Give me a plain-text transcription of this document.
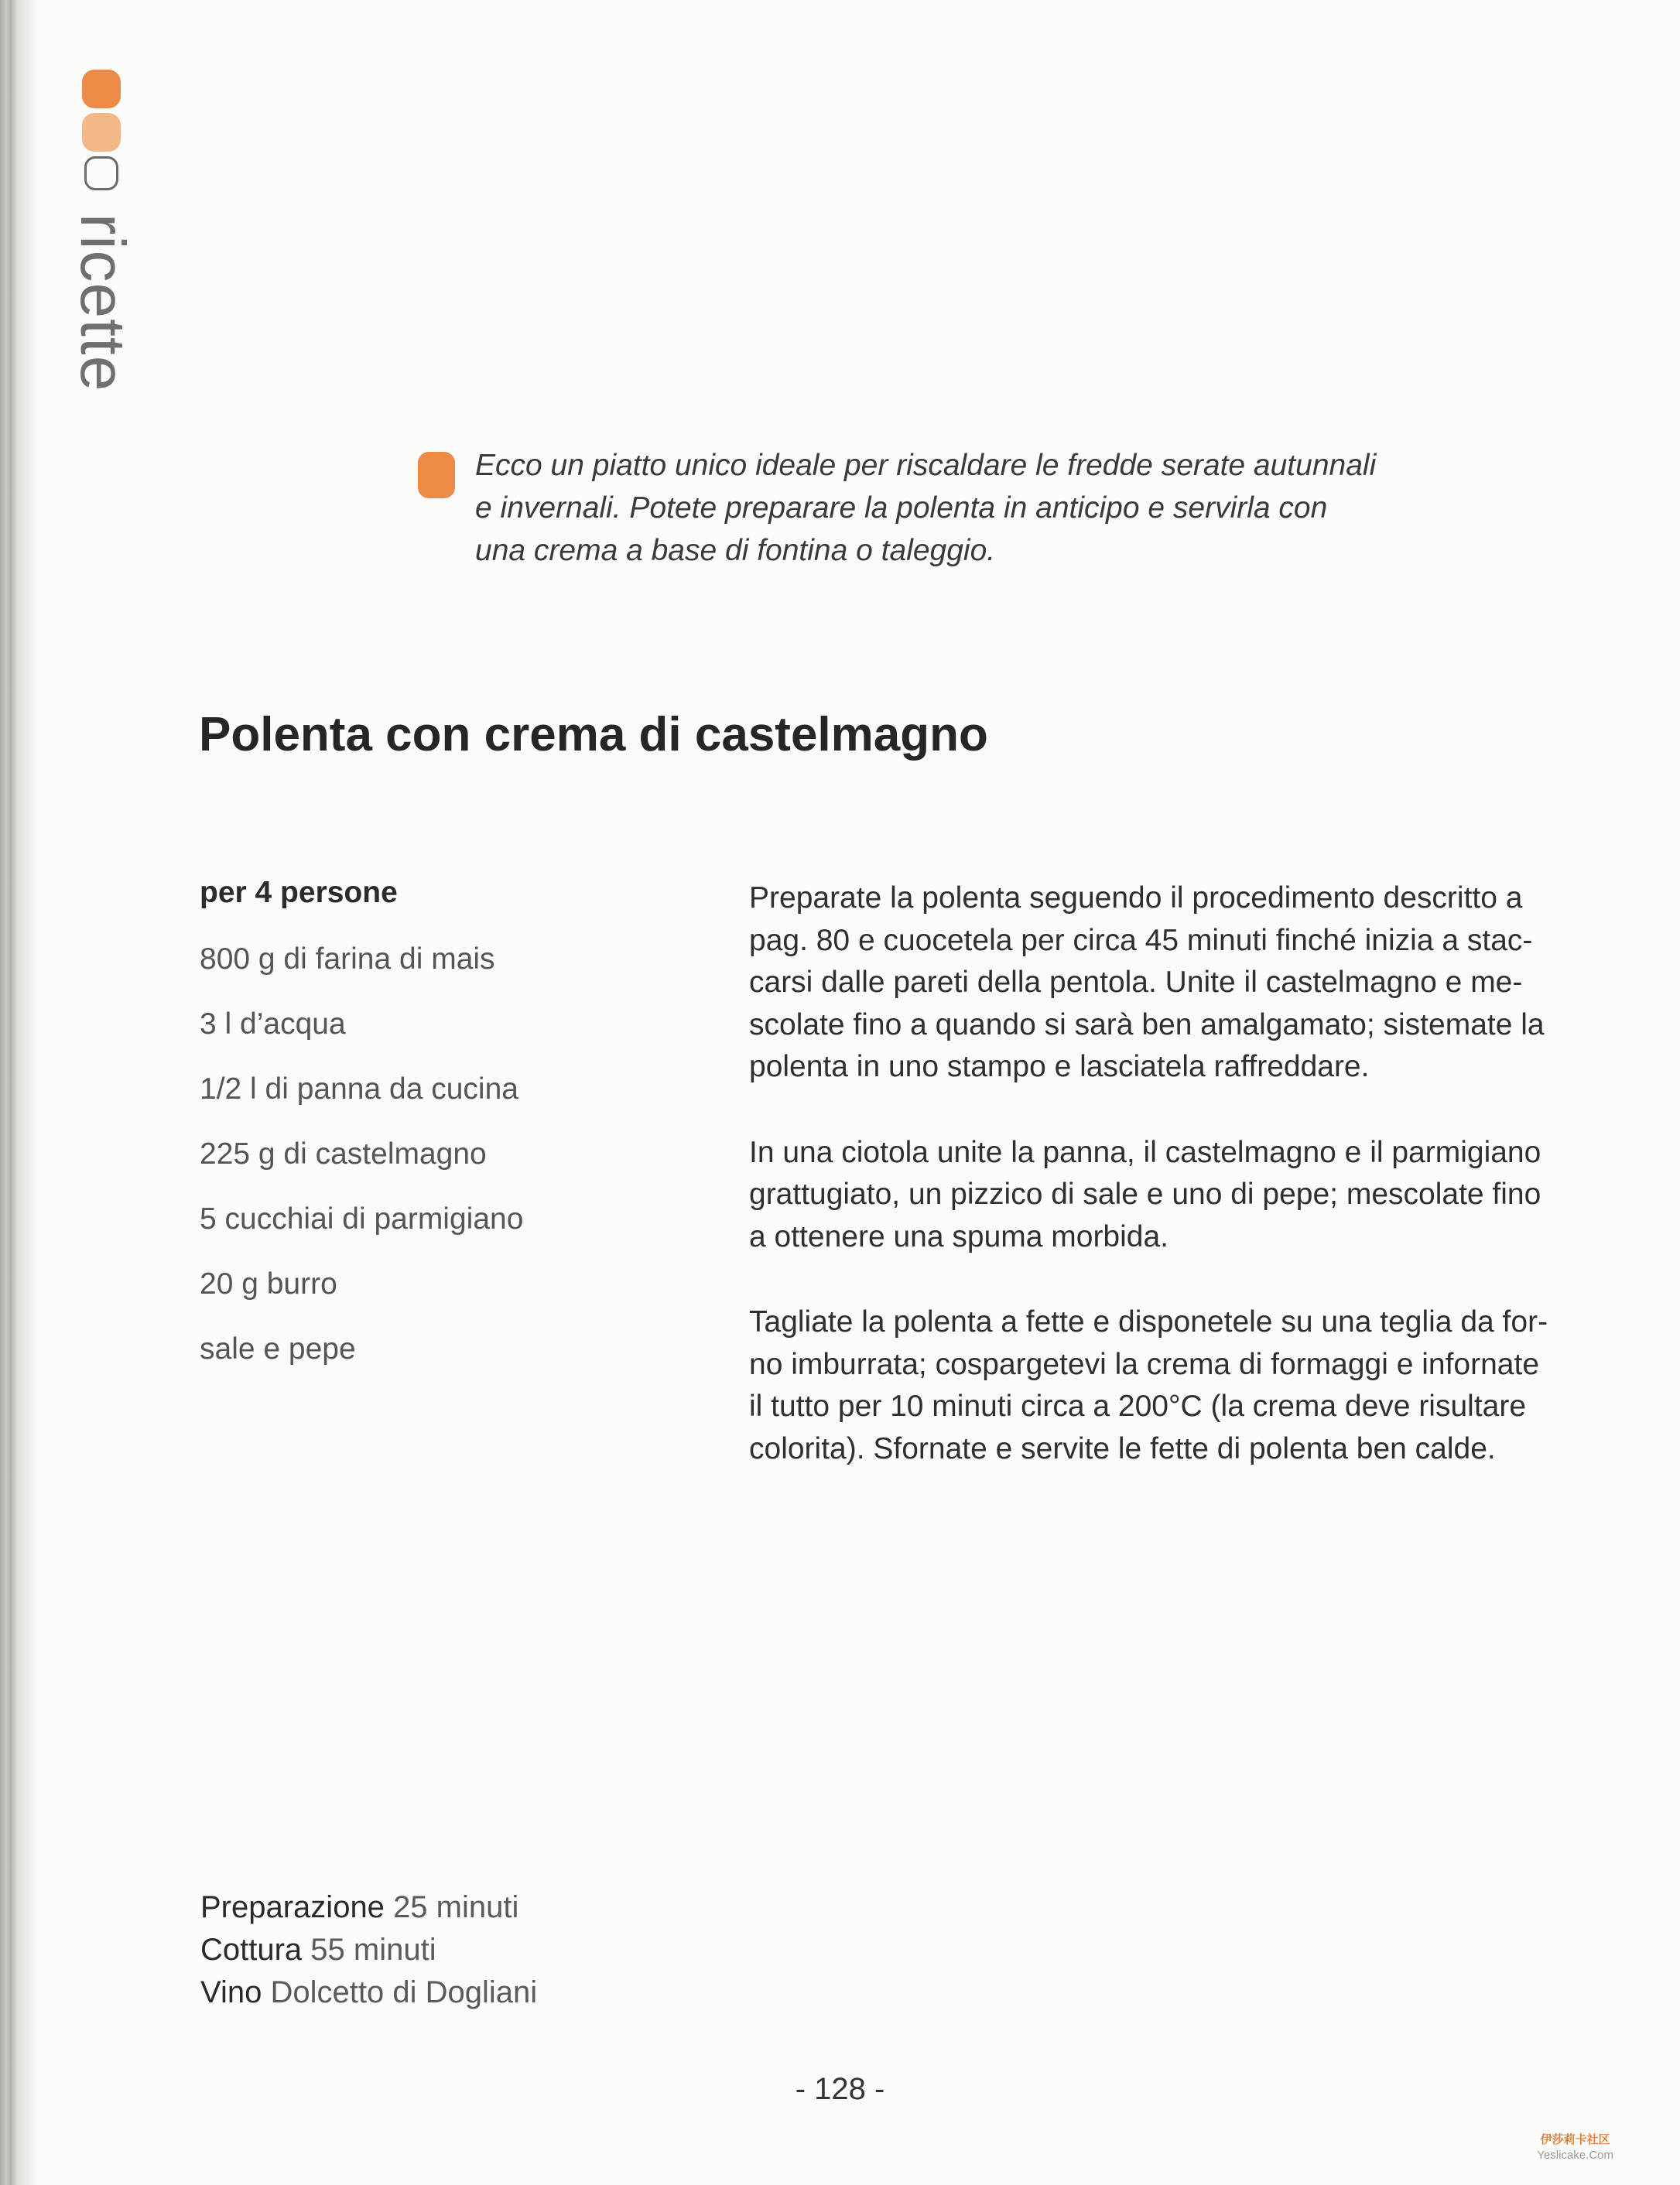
ricette

Ecco un piatto unico ideale per riscaldare le fredde serate autunnali
e invernali. Potete preparare la polenta in anticipo e servirla con
una crema a base di fontina o taleggio.

Polenta con crema di castelmagno

per 4 persone

800 g di farina di mais
3 l d’acqua
1/2 l di panna da cucina
225 g di castelmagno
5 cucchiai di parmigiano
20 g burro
sale e pepe

Preparate la polenta seguendo il procedimento descritto a
pag. 80 e cuocetela per circa 45 minuti finché inizia a stac-
carsi dalle pareti della pentola. Unite il castelmagno e me-
scolate fino a quando si sarà ben amalgamato; sistemate la
polenta in uno stampo e lasciatela raffreddare.

In una ciotola unite la panna, il castelmagno e il parmigiano
grattugiato, un pizzico di sale e uno di pepe; mescolate fino
a ottenere una spuma morbida.

Tagliate la polenta a fette e disponetele su una teglia da for-
no imburrata; cospargetevi la crema di formaggi e infornate
il tutto per 10 minuti circa a 200°C (la crema deve risultare
colorita). Sfornate e servite le fette di polenta ben calde.

Preparazione 25 minuti
Cottura 55 minuti
Vino Dolcetto di Dogliani
- 128 -
伊莎莉卡社区
Yeslicake.Com
